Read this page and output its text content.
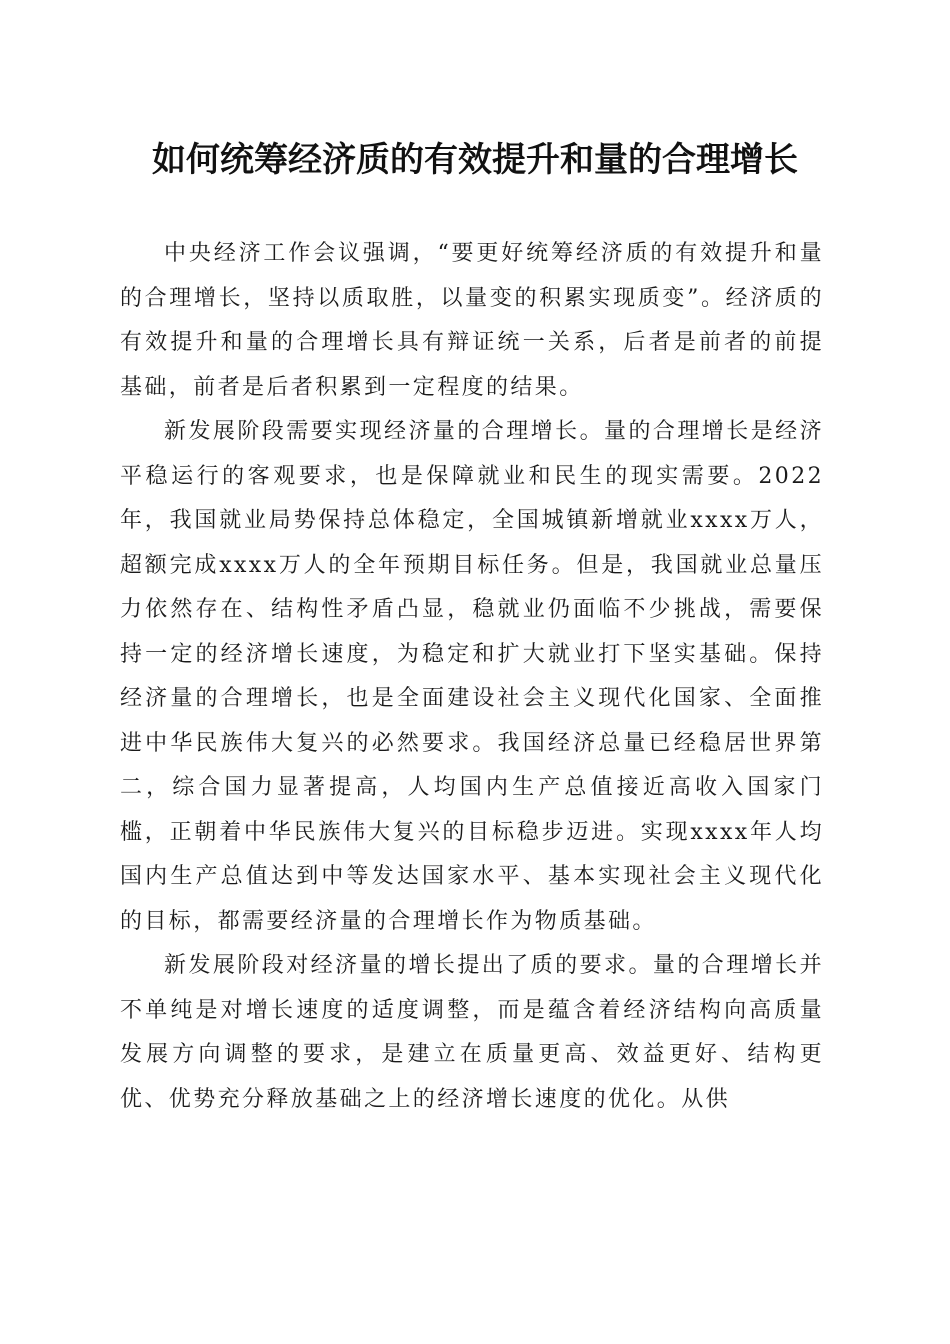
如何统筹经济质的有效提升和量的合理增长

中央经济工作会议强调，“要更好统筹经济质的有效提升和量的合理增长，坚持以质取胜，以量变的积累实现质变”。经济质的有效提升和量的合理增长具有辩证统一关系，后者是前者的前提基础，前者是后者积累到一定程度的结果。

新发展阶段需要实现经济量的合理增长。量的合理增长是经济平稳运行的客观要求，也是保障就业和民生的现实需要。2022年，我国就业局势保持总体稳定，全国城镇新增就业xxxx万人，超额完成xxxx万人的全年预期目标任务。但是，我国就业总量压力依然存在、结构性矛盾凸显，稳就业仍面临不少挑战，需要保持一定的经济增长速度，为稳定和扩大就业打下坚实基础。保持经济量的合理增长，也是全面建设社会主义现代化国家、全面推进中华民族伟大复兴的必然要求。我国经济总量已经稳居世界第二，综合国力显著提高，人均国内生产总值接近高收入国家门槛，正朝着中华民族伟大复兴的目标稳步迈进。实现xxxx年人均国内生产总值达到中等发达国家水平、基本实现社会主义现代化的目标，都需要经济量的合理增长作为物质基础。

新发展阶段对经济量的增长提出了质的要求。量的合理增长并不单纯是对增长速度的适度调整，而是蕴含着经济结构向高质量发展方向调整的要求，是建立在质量更高、效益更好、结构更优、优势充分释放基础之上的经济增长速度的优化。从供
